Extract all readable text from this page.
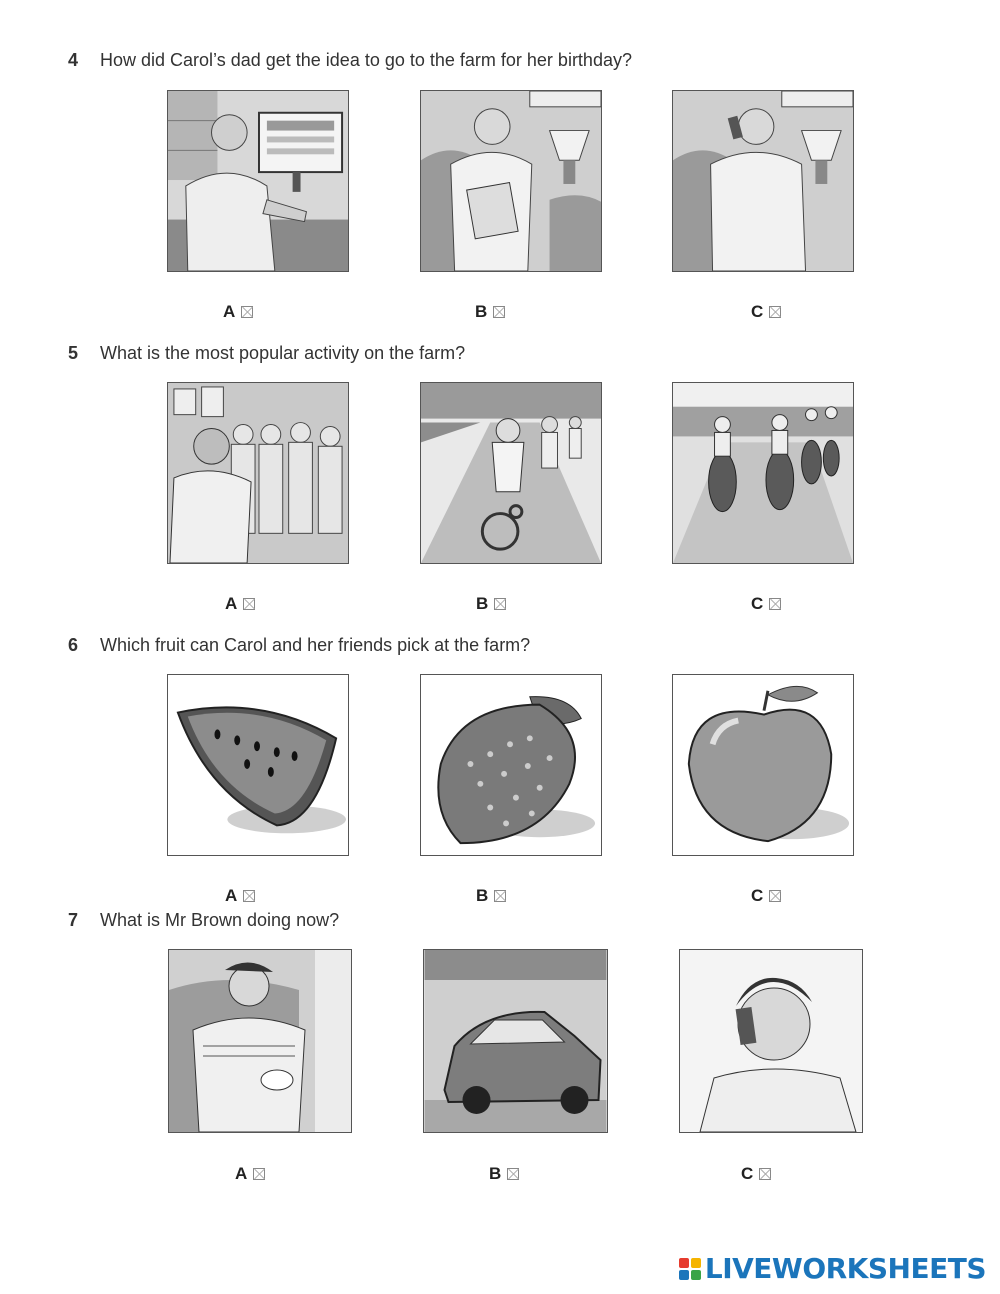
4 How did Carol’s dad get the idea to go to the farm for her birthday?
A	B	C
5 What is the most popular activity on the farm?
A	B	C
6 Which fruit can Carol and her friends pick at the farm?
A	B	C
7 What is Mr Brown doing now?
A	B	C
LIVEWORKSHEETS
